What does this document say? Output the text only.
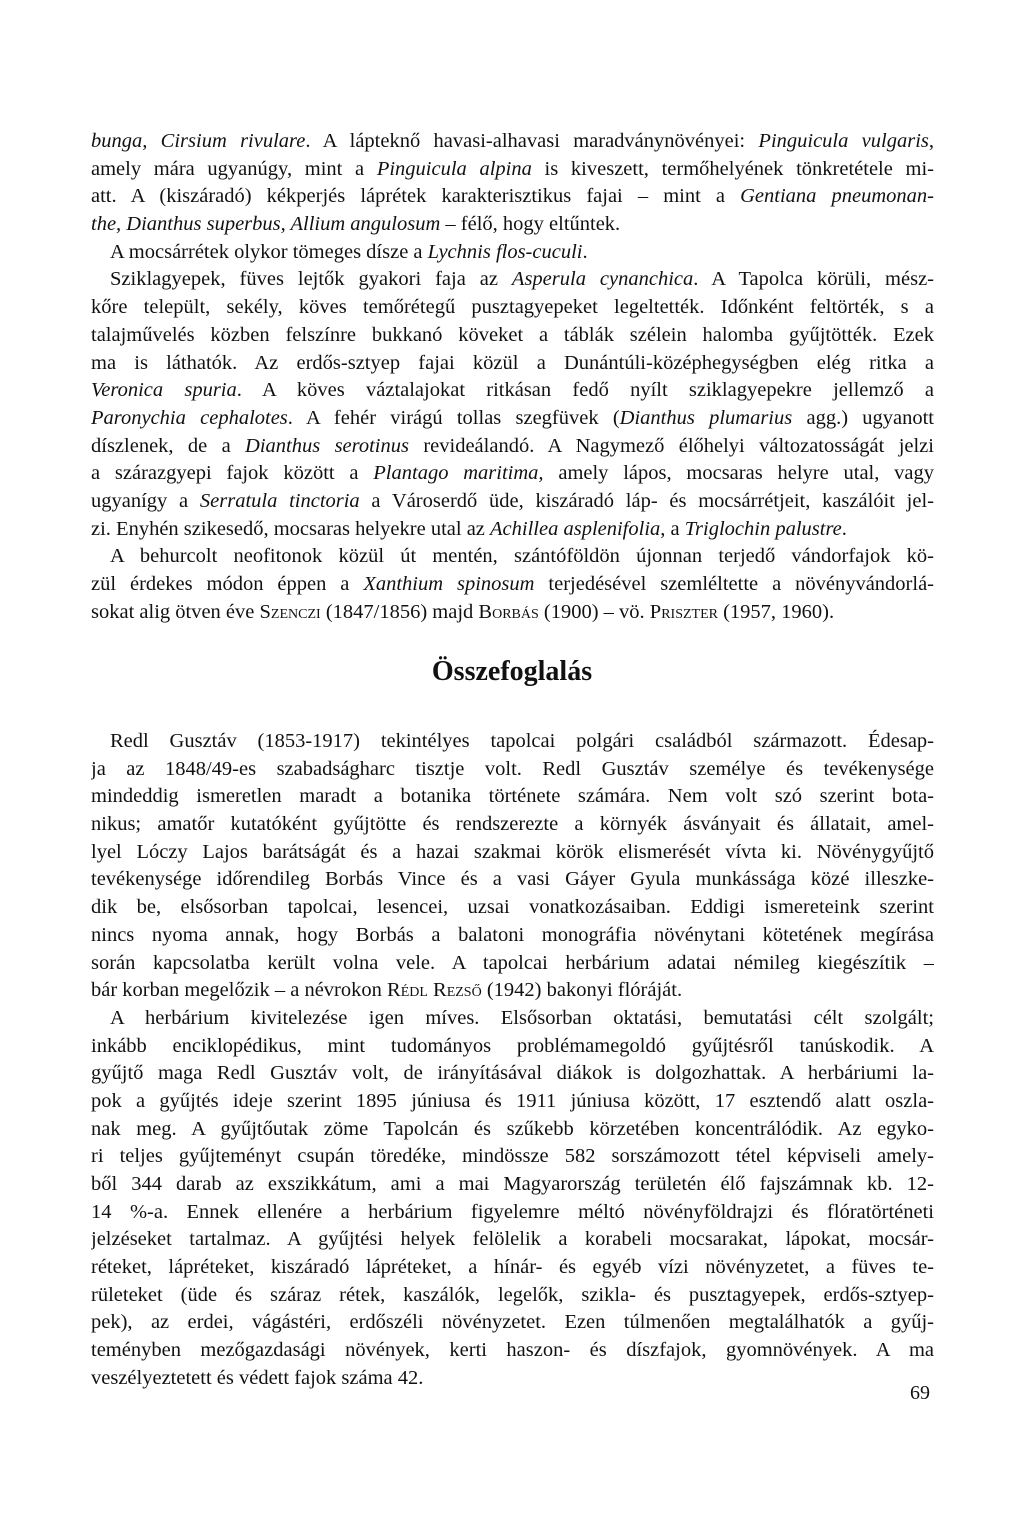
bunga, Cirsium rivulare. A lápteknő havasi-alhavasi maradványnövényei: Pinguicula vulgaris,
amely mára ugyanúgy, mint a Pinguicula alpina is kiveszett, termőhelyének tönkretétele mi-
att. A (kiszáradó) kékperjés láprétek karakterisztikus fajai – mint a Gentiana pneumonan-
the, Dianthus superbus, Allium angulosum – félő, hogy eltűntek.
A mocsárrétek olykor tömeges dísze a Lychnis flos-cuculi.
Sziklagyepek, füves lejtők gyakori faja az Asperula cynanchica. A Tapolca körüli, mész-
kőre települt, sekély, köves temőrétegű pusztagyepeket legeltették. Időnként feltörték, s a
talajművelés közben felszínre bukkanó köveket a táblák szélein halomba gyűjtötték. Ezek
ma is láthatók. Az erdős-sztyep fajai közül a Dunántúli-középhegységben elég ritka a
Veronica spuria. A köves váztalajokat ritkásan fedő nyílt sziklagyepekre jellemző a
Paronychia cephalotes. A fehér virágú tollas szegfüvek (Dianthus plumarius agg.) ugyanott
díszlenek, de a Dianthus serotinus revideálandó. A Nagymező élőhelyi változatosságát jelzi
a szárazgyepi fajok között a Plantago maritima, amely lápos, mocsaras helyre utal, vagy
ugyanígy a Serratula tinctoria a Városerdő üde, kiszáradó láp- és mocsárrétjeit, kaszálóit jel-
zi. Enyhén szikesedő, mocsaras helyekre utal az Achillea asplenifolia, a Triglochin palustre.
A behurcolt neofitonok közül út mentén, szántóföldön újonnan terjedő vándorfajok kö-
zül érdekes módon éppen a Xanthium spinosum terjedésével szemléltette a növényvándorlá-
sokat alig ötven éve Szenczi (1847/1856) majd Borbás (1900) – vö. Priszter (1957, 1960).
Összefoglalás
Redl Gusztáv (1853-1917) tekintélyes tapolcai polgári családból származott. Édesap-
ja az 1848/49-es szabadságharc tisztje volt. Redl Gusztáv személye és tevékenysége
mindeddig ismeretlen maradt a botanika története számára. Nem volt szó szerint bota-
nikus; amatőr kutatóként gyűjtötte és rendszerezte a környék ásványait és állatait, amel-
lyel Lóczy Lajos barátságát és a hazai szakmai körök elismerését vívta ki. Növénygyűjtő
tevékenysége időrendileg Borbás Vince és a vasi Gáyer Gyula munkássága közé illeszke-
dik be, elsősorban tapolcai, lesencei, uzsai vonatkozásaiban. Eddigi ismereteink szerint
nincs nyoma annak, hogy Borbás a balatoni monográfia növénytani kötetének megírása
során kapcsolatba került volna vele. A tapolcai herbárium adatai némileg kiegészítik –
bár korban megelőzik – a névrokon Rédl Rezső (1942) bakonyi flóráját.
A herbárium kivitelezése igen míves. Elsősorban oktatási, bemutatási célt szolgált;
inkább enciklopédikus, mint tudományos problémamegoldó gyűjtésről tanúskodik. A
gyűjtő maga Redl Gusztáv volt, de irányításával diákok is dolgozhattak. A herbáriumi la-
pok a gyűjtés ideje szerint 1895 júniusa és 1911 júniusa között, 17 esztendő alatt oszla-
nak meg. A gyűjtőutak zöme Tapolcán és szűkebb körzetében koncentrálódik. Az egyko-
ri teljes gyűjteményt csupán töredéke, mindössze 582 sorszámozott tétel képviseli amely-
ből 344 darab az exszikkátum, ami a mai Magyarország területén élő fajszámnak kb. 12-
14 %-a. Ennek ellenére a herbárium figyelemre méltó növényföldrajzi és flóratörténeti
jelzéseket tartalmaz. A gyűjtési helyek felölelik a korabeli mocsarakat, lápokat, mocsár-
réteket, lápréteket, kiszáradó lápréteket, a hínár- és egyéb vízi növényzetet, a füves te-
rületeket (üde és száraz rétek, kaszálók, legelők, szikla- és pusztagyepek, erdős-sztyep-
pek), az erdei, vágástéri, erdőszéli növényzetet. Ezen túlmenően megtalálhatók a gyűj-
teményben mezőgazdasági növények, kerti haszon- és díszfajok, gyomnövények. A ma
veszélyeztetett és védett fajok száma 42.
69
